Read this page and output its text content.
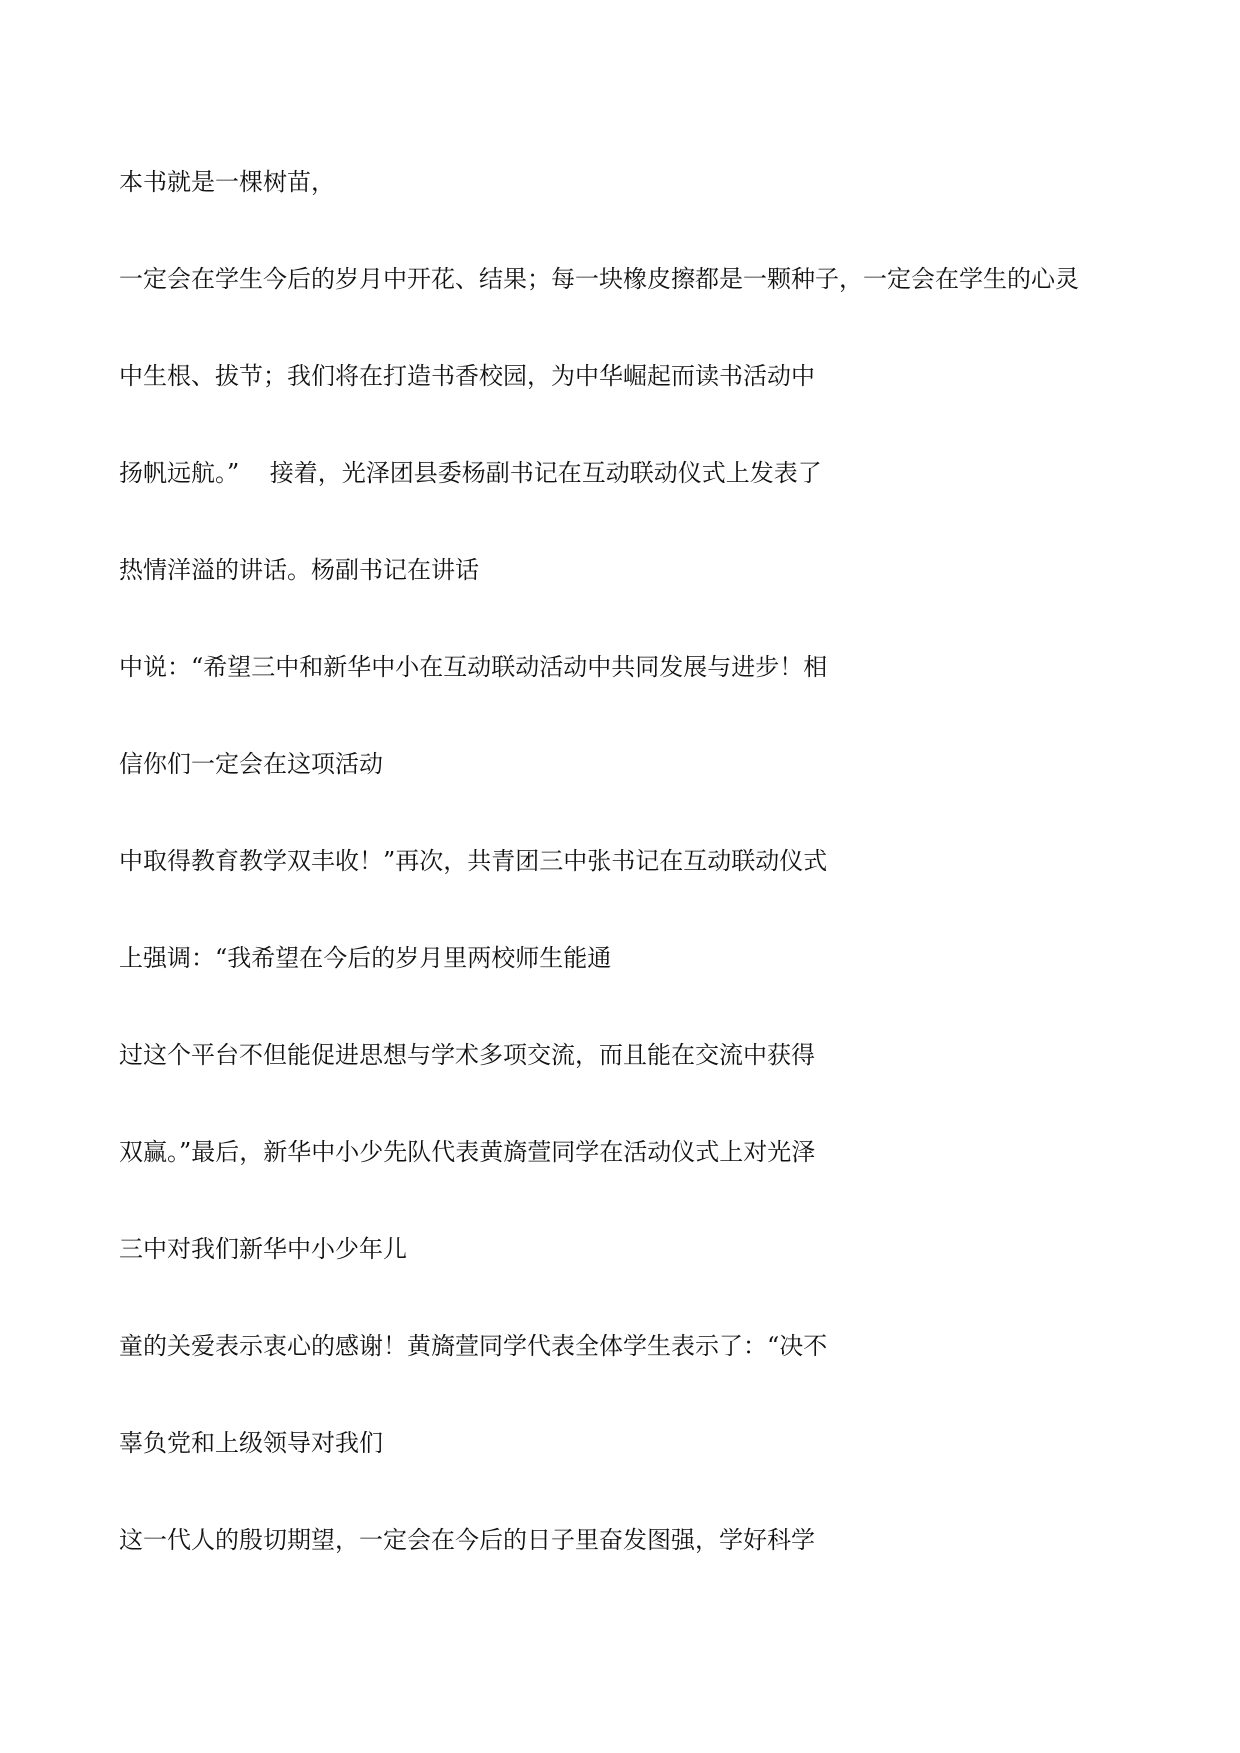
本书就是一棵树苗，
一定会在学生今后的岁月中开花、结果；每一块橡皮擦都是一颗种子，一定会在学生的心灵
中生根、拔节；我们将在打造书香校园，为中华崛起而读书活动中
扬帆远航。”    接着，光泽团县委杨副书记在互动联动仪式上发表了
热情洋溢的讲话。杨副书记在讲话
中说：“希望三中和新华中小在互动联动活动中共同发展与进步！相
信你们一定会在这项活动
中取得教育教学双丰收！”再次，共青团三中张书记在互动联动仪式
上强调：“我希望在今后的岁月里两校师生能通
过这个平台不但能促进思想与学术多项交流，而且能在交流中获得
双赢。”最后，新华中小少先队代表黄旖萱同学在活动仪式上对光泽
三中对我们新华中小少年儿
童的关爱表示衷心的感谢！黄旖萱同学代表全体学生表示了：“决不
辜负党和上级领导对我们
这一代人的殷切期望，一定会在今后的日子里奋发图强，学好科学
